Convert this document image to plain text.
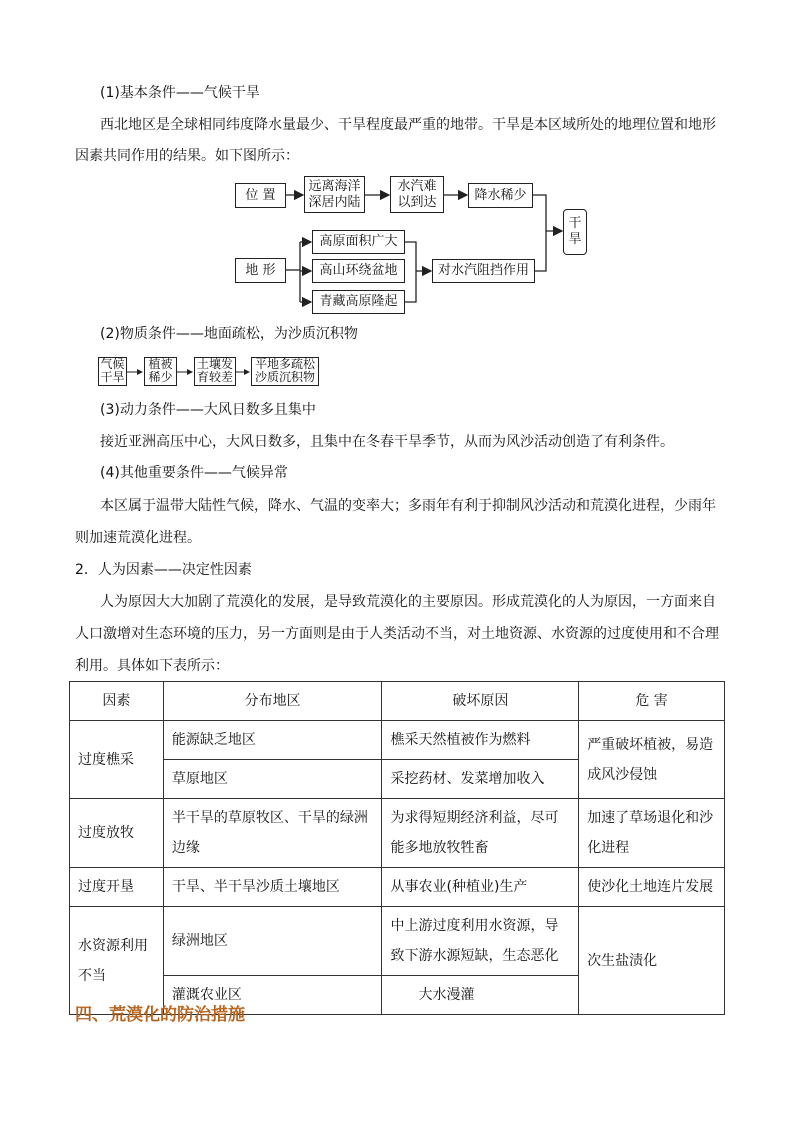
(1)基本条件——气候干旱
西北地区是全球相同纬度降水量最少、干旱程度最严重的地带。干旱是本区域所处的地理位置和地形
因素共同作用的结果。如下图所示：
位 置
远离海洋
深居内陆
水汽难
以到达	降水稀少
干
旱
地 形
高原面积广大
高山环绕盆地
青藏高原隆起
对水汽阻挡作用
(2)物质条件——地面疏松，为沙质沉积物
气候
干旱
植被
稀少
土壤发
育较差
平地多疏松
沙质沉积物
(3)动力条件——大风日数多且集中
接近亚洲高压中心，大风日数多，且集中在冬春干旱季节，从而为风沙活动创造了有利条件。
(4)其他重要条件——气候异常
本区属于温带大陆性气候，降水、气温的变率大；多雨年有利于抑制风沙活动和荒漠化进程，少雨年
则加速荒漠化进程。
2．人为因素——决定性因素
人为原因大大加剧了荒漠化的发展，是导致荒漠化的主要原因。形成荒漠化的人为原因，一方面来自
人口激增对生态环境的压力，另一方面则是由于人类活动不当，对土地资源、水资源的过度使用和不合理
利用。具体如下表所示：
因素	分布地区	破坏原因	危 害
过度樵采	能源缺乏地区	樵采天然植被作为燃料	严重破坏植被，易造成风沙侵蚀
	草原地区	采挖药材、发菜增加收入	
过度放牧	半干旱的草原牧区、干旱的绿洲边缘	为求得短期经济利益，尽可能多地放牧牲畜	加速了草场退化和沙化进程
过度开垦	干旱、半干旱沙质土壤地区	从事农业(种植业)生产	使沙化土地连片发展
水资源利用不当	绿洲地区	中上游过度利用水资源，导致下游水源短缺，生态恶化	次生盐渍化
	灌溉农业区	大水漫灌	
四、荒漠化的防治措施
